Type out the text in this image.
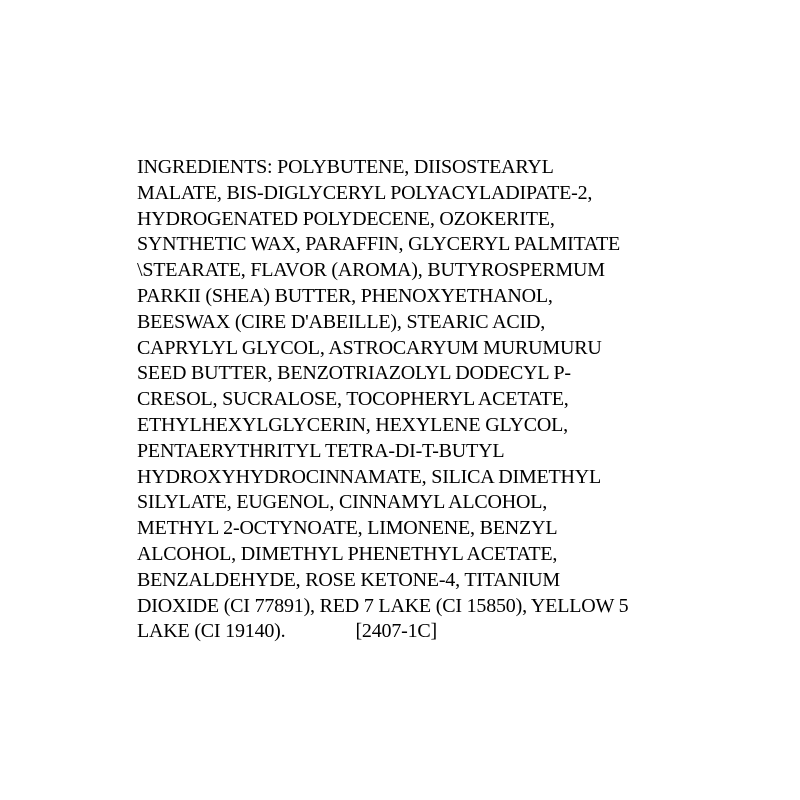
INGREDIENTS: POLYBUTENE, DIISOSTEARYL
MALATE, BIS-DIGLYCERYL POLYACYLADIPATE-2,
HYDROGENATED POLYDECENE, OZOKERITE,
SYNTHETIC WAX, PARAFFIN, GLYCERYL PALMITATE
\STEARATE, FLAVOR (AROMA), BUTYROSPERMUM
PARKII (SHEA) BUTTER, PHENOXYETHANOL,
BEESWAX (CIRE D'ABEILLE), STEARIC ACID,
CAPRYLYL GLYCOL, ASTROCARYUM MURUMURU
SEED BUTTER, BENZOTRIAZOLYL DODECYL P-
CRESOL, SUCRALOSE, TOCOPHERYL ACETATE,
ETHYLHEXYLGLYCERIN, HEXYLENE GLYCOL,
PENTAERYTHRITYL TETRA-DI-T-BUTYL
HYDROXYHYDROCINNAMATE, SILICA DIMETHYL
SILYLATE, EUGENOL, CINNAMYL ALCOHOL,
METHYL 2-OCTYNOATE, LIMONENE, BENZYL
ALCOHOL, DIMETHYL PHENETHYL ACETATE,
BENZALDEHYDE, ROSE KETONE-4, TITANIUM
DIOXIDE (CI 77891), RED 7 LAKE (CI 15850), YELLOW 5
LAKE (CI 19140).	[2407-1C]
